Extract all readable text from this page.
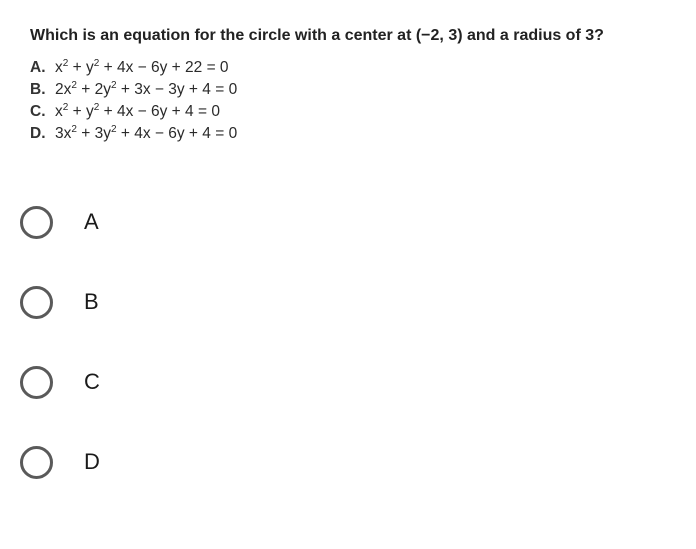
Which is an equation for the circle with a center at (−2, 3) and a radius of 3?

A. $x^2 + y^2 + 4x - 6y + 22 = 0$
B. $2x^2 + 2y^2 + 3x - 3y + 4 = 0$
C. $x^2 + y^2 + 4x - 6y + 4 = 0$
D. $3x^2 + 3y^2 + 4x - 6y + 4 = 0$
A
B
C
D
